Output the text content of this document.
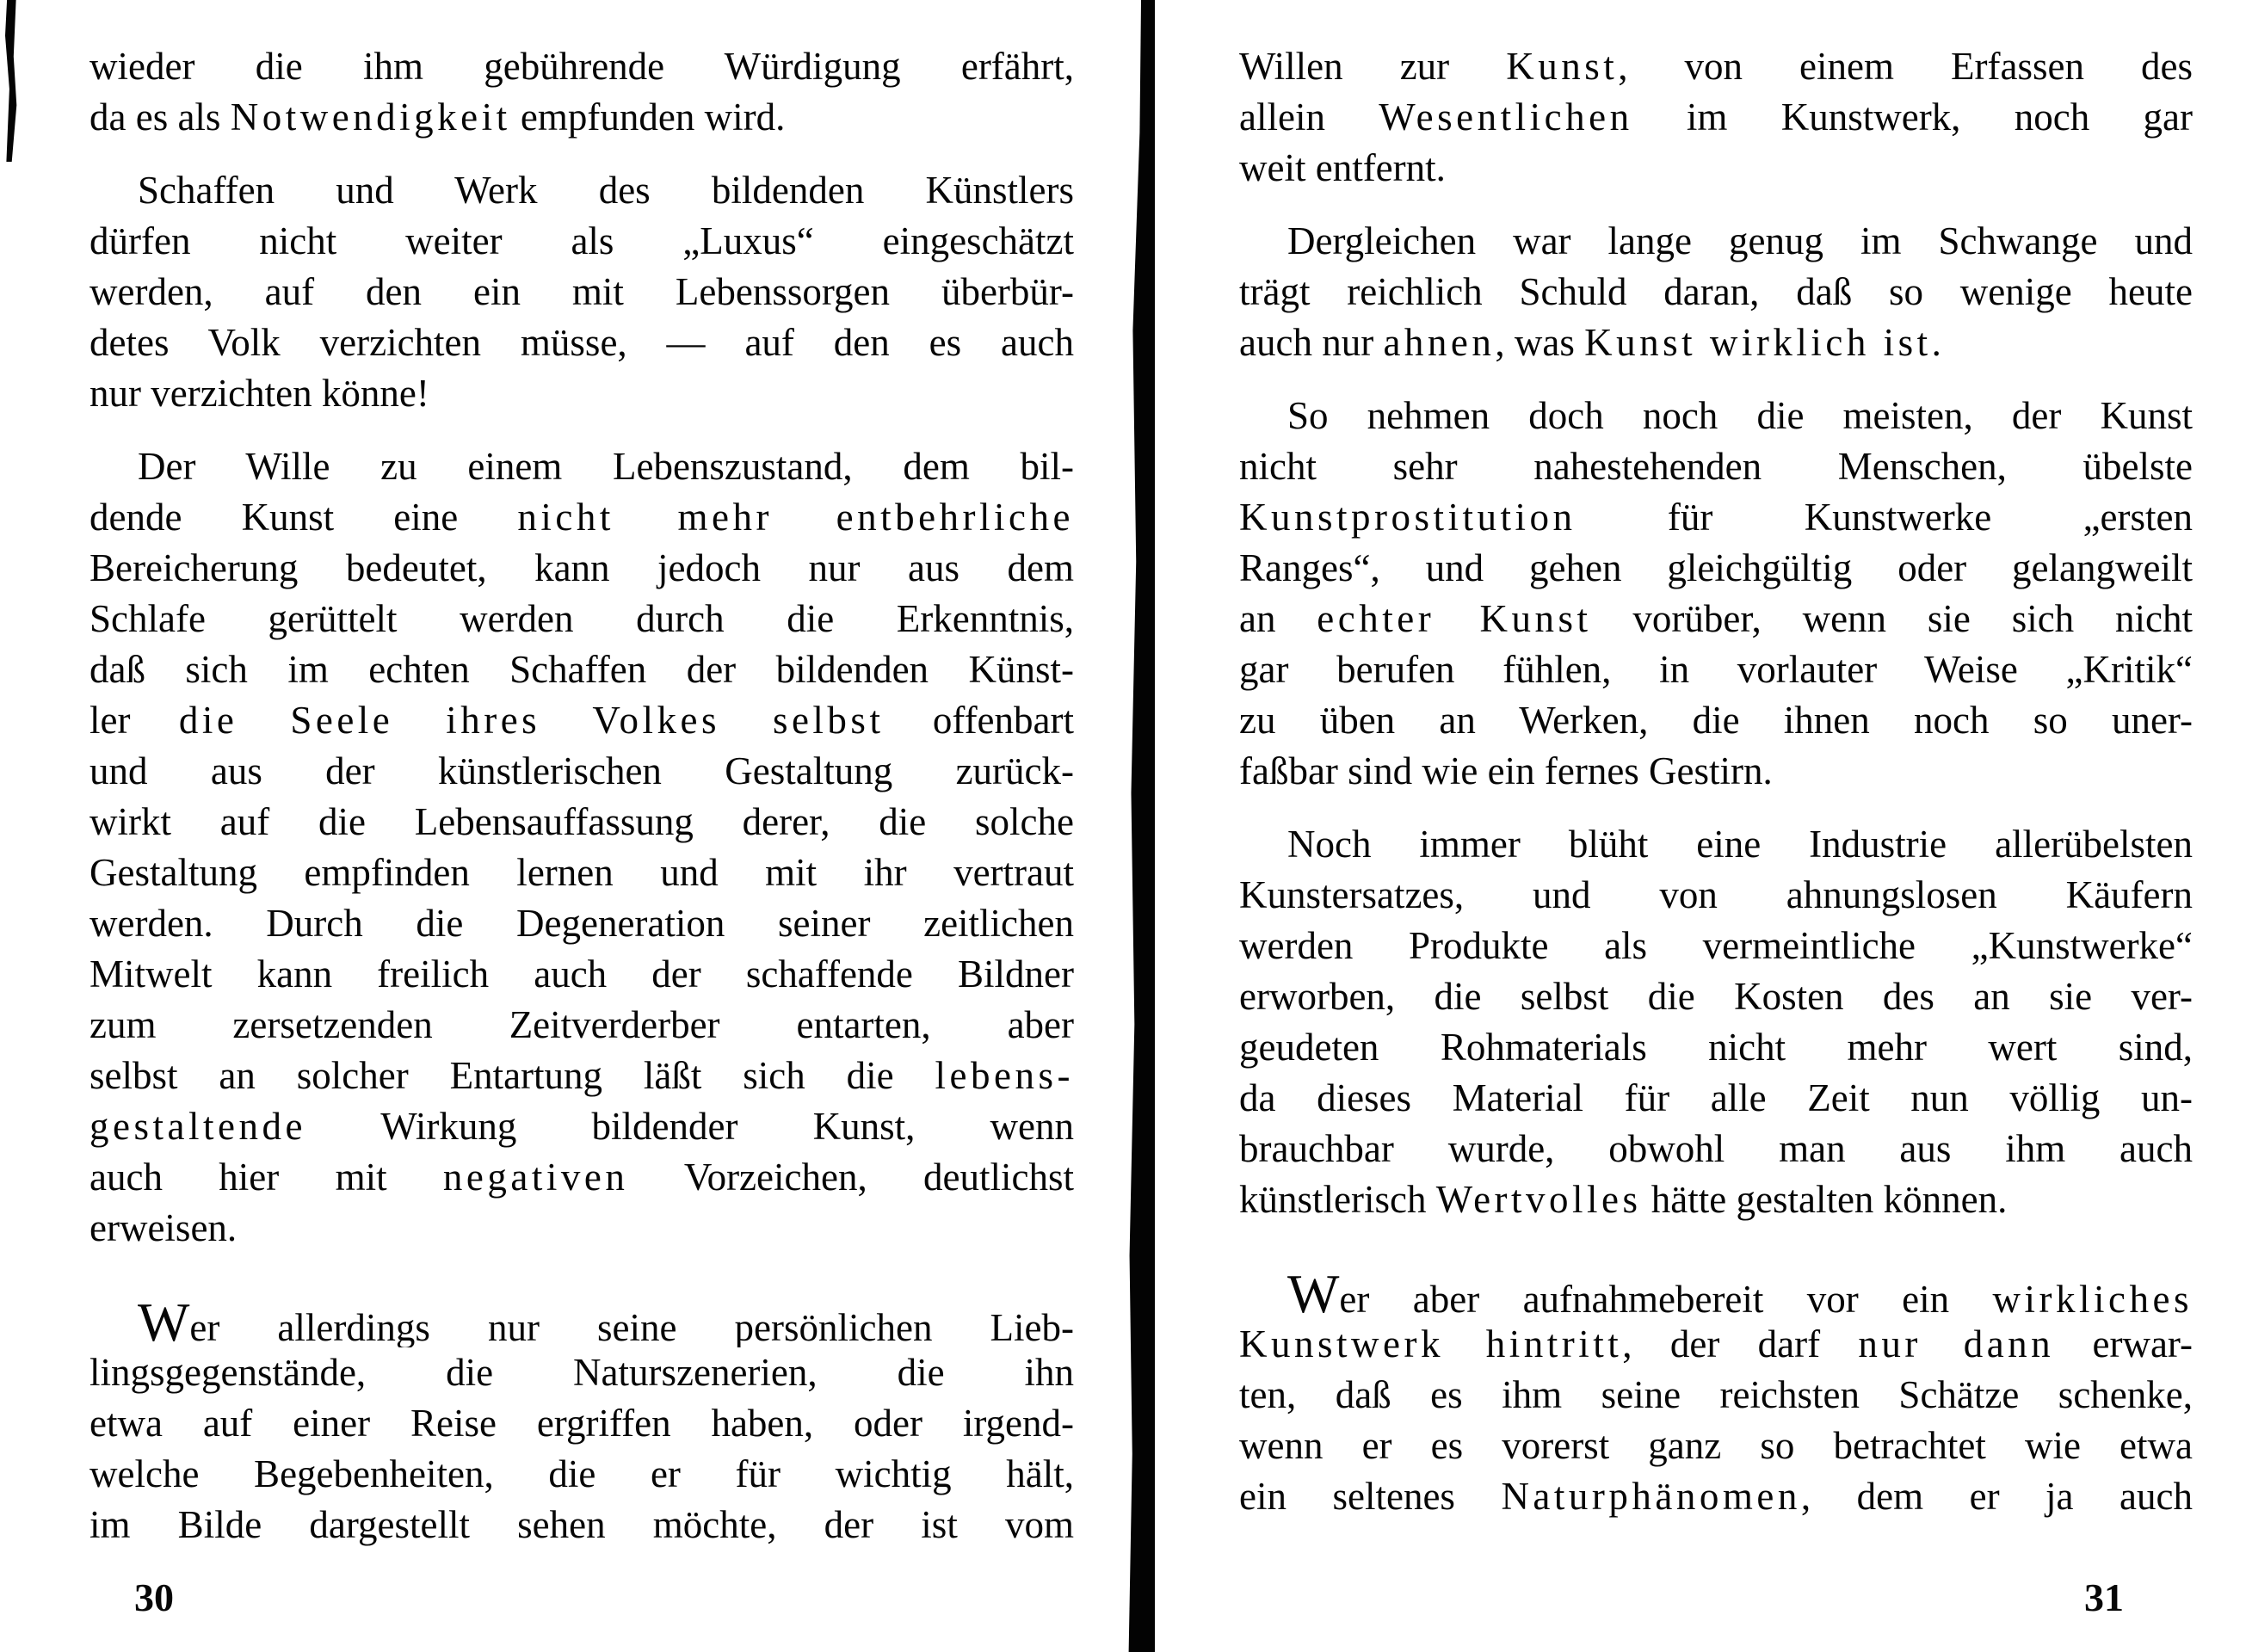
wieder die ihm gebührende Würdigung erfährt,
da es als Notwendigkeit empfunden wird.
Schaffen und Werk des bildenden Künstlers
dürfen nicht weiter als „Luxus“ eingeschätzt
werden, auf den ein mit Lebenssorgen überbür-
detes Volk verzichten müsse, — auf den es auch
nur verzichten könne!
Der Wille zu einem Lebenszustand, dem bil-
dende Kunst eine nicht mehr entbehrliche
Bereicherung bedeutet, kann jedoch nur aus dem
Schlafe gerüttelt werden durch die Erkenntnis,
daß sich im echten Schaffen der bildenden Künst-
ler die Seele ihres Volkes selbst offenbart
und aus der künstlerischen Gestaltung zurück-
wirkt auf die Lebensauffassung derer, die solche
Gestaltung empfinden lernen und mit ihr vertraut
werden. Durch die Degeneration seiner zeitlichen
Mitwelt kann freilich auch der schaffende Bildner
zum zersetzenden Zeitverderber entarten, aber
selbst an solcher Entartung läßt sich die lebens-
gestaltende Wirkung bildender Kunst, wenn
auch hier mit negativen Vorzeichen, deutlichst
erweisen.
Wer allerdings nur seine persönlichen Lieb-
lingsgegenstände, die Naturszenerien, die ihn
etwa auf einer Reise ergriffen haben, oder irgend-
welche Begebenheiten, die er für wichtig hält,
im Bilde dargestellt sehen möchte, der ist vom
Willen zur Kunst, von einem Erfassen des
allein Wesentlichen im Kunstwerk, noch gar
weit entfernt.
Dergleichen war lange genug im Schwange und
trägt reichlich Schuld daran, daß so wenige heute
auch nur ahnen, was Kunst wirklich ist.
So nehmen doch noch die meisten, der Kunst
nicht sehr nahestehenden Menschen, übelste
Kunstprostitution für Kunstwerke „ersten
Ranges“, und gehen gleichgültig oder gelangweilt
an echter Kunst vorüber, wenn sie sich nicht
gar berufen fühlen, in vorlauter Weise „Kritik“
zu üben an Werken, die ihnen noch so uner-
faßbar sind wie ein fernes Gestirn.
Noch immer blüht eine Industrie allerübelsten
Kunstersatzes, und von ahnungslosen Käufern
werden Produkte als vermeintliche „Kunstwerke“
erworben, die selbst die Kosten des an sie ver-
geudeten Rohmaterials nicht mehr wert sind,
da dieses Material für alle Zeit nun völlig un-
brauchbar wurde, obwohl man aus ihm auch
künstlerisch Wertvolles hätte gestalten können.
Wer aber aufnahmebereit vor ein wirkliches
Kunstwerk hintritt, der darf nur dann erwar-
ten, daß es ihm seine reichsten Schätze schenke,
wenn er es vorerst ganz so betrachtet wie etwa
ein seltenes Naturphänomen, dem er ja auch
30	31
